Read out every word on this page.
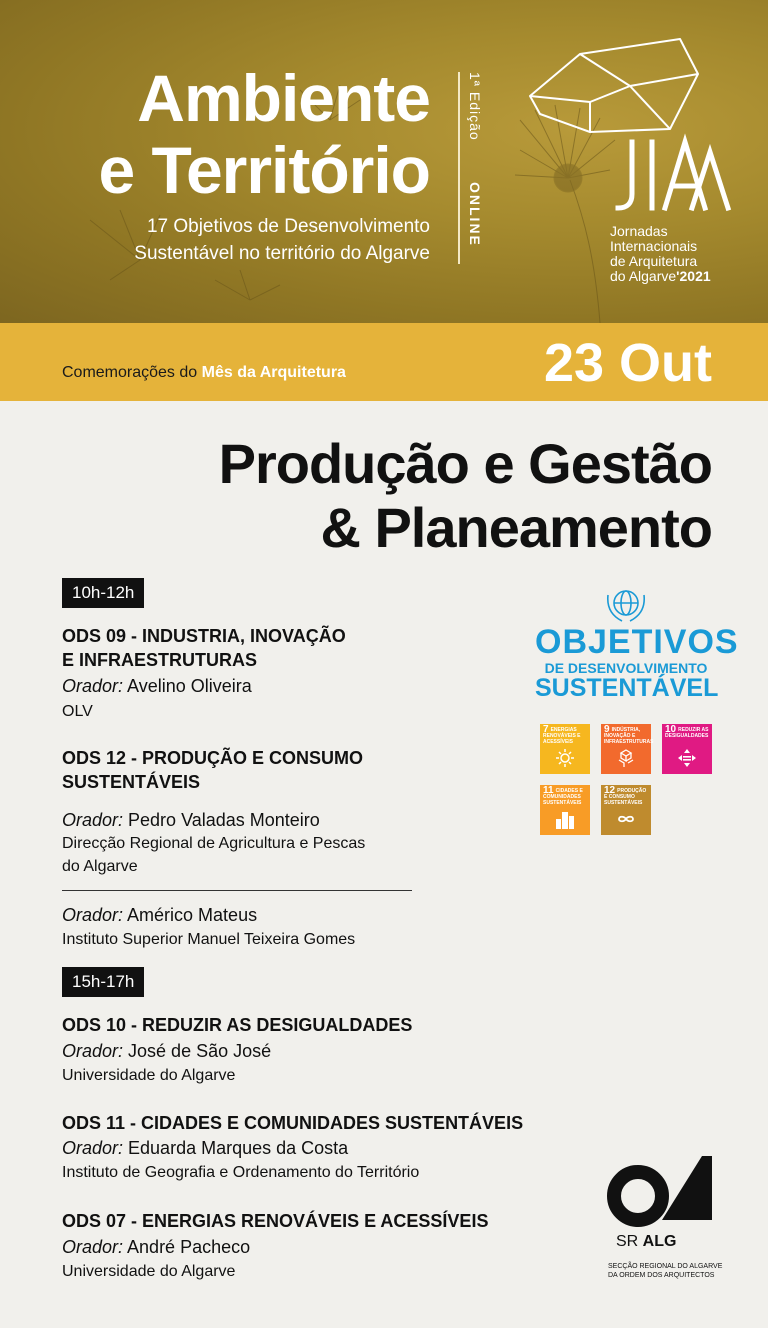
Ambiente
e Território
17 Objetivos de Desenvolvimento
Sustentável no território do Algarve
1ª Edição
ONLINE
JIAA
Jornadas
Internacionais
de Arquitetura
do Algarve'2021
Comemorações do Mês da Arquitetura	23 Out
Produção e Gestão
& Planeamento
10h-12h
ODS 09 - INDUSTRIA, INOVAÇÃO
E INFRAESTRUTURAS
Orador: Avelino Oliveira
OLV
ODS 12 - PRODUÇÃO E CONSUMO
SUSTENTÁVEIS
Orador: Pedro Valadas Monteiro
Direcção Regional de Agricultura e Pescas
do Algarve
Orador: Américo Mateus
Instituto Superior Manuel Teixeira Gomes
15h-17h
ODS 10 - REDUZIR AS DESIGUALDADES
Orador: José de São José
Universidade do Algarve
ODS 11 - CIDADES E COMUNIDADES SUSTENTÁVEIS
Orador: Eduarda Marques da Costa
Instituto de Geografia e Ordenamento do Território
ODS 07 - ENERGIAS RENOVÁVEIS E ACESSÍVEIS
Orador: André Pacheco
Universidade do Algarve
OBJETIVOS
DE DESENVOLVIMENTO
SUSTENTÁVEL
7 ENERGIAS RENOVÁVEIS E ACESSÍVEIS
9 INDÚSTRIA, INOVAÇÃO E INFRAESTRUTURAS
10 REDUZIR AS DESIGUALDADES
11 CIDADES E COMUNIDADES SUSTENTÁVEIS
12 PRODUÇÃO E CONSUMO SUSTENTÁVEIS
SR ALG
SECÇÃO REGIONAL DO ALGARVE
DA ORDEM DOS ARQUITECTOS
